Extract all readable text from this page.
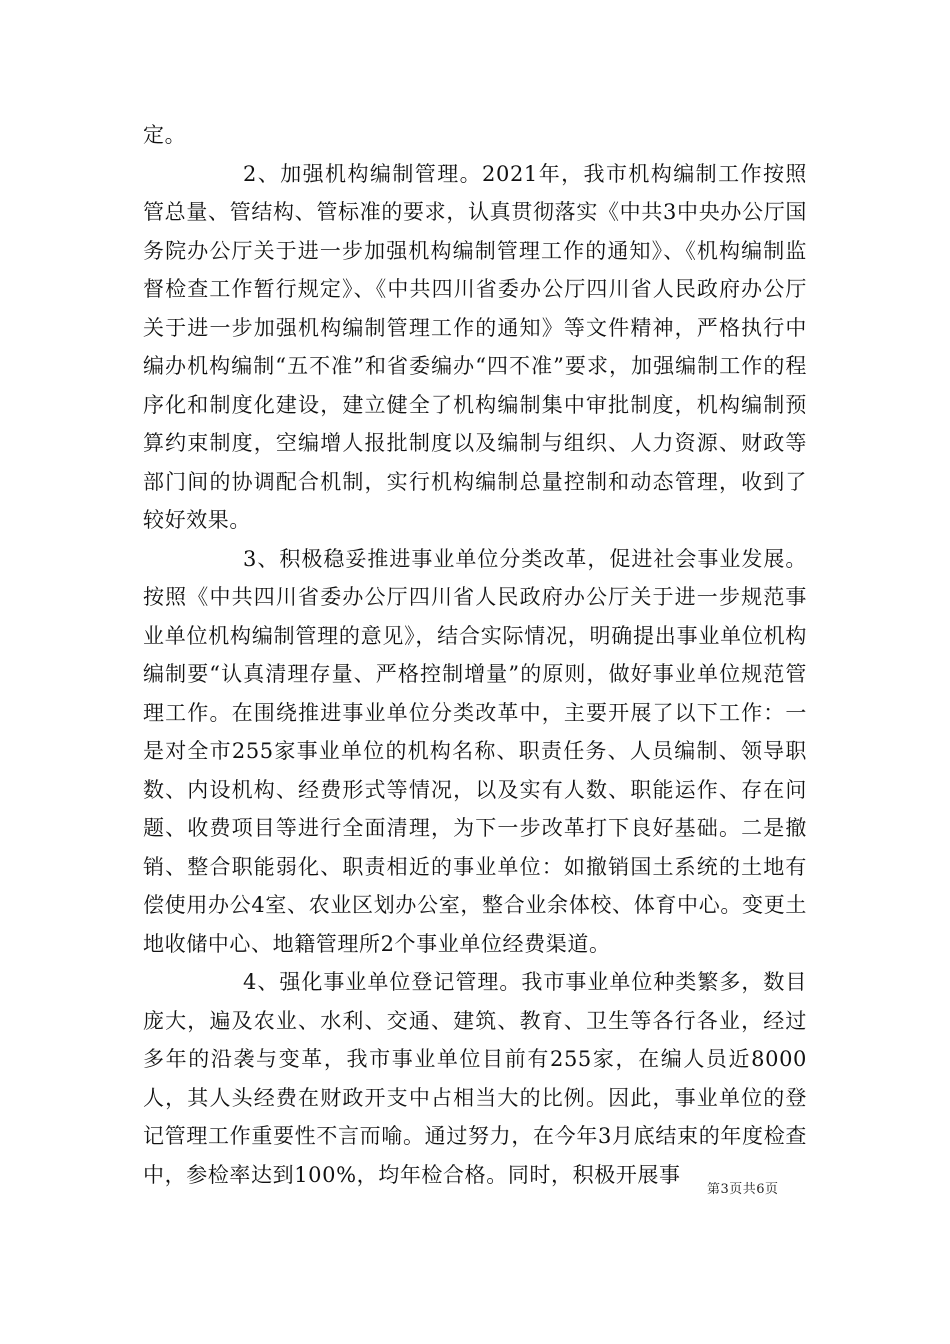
定。

2、加强机构编制管理。2021年，我市机构编制工作按照管总量、管结构、管标准的要求，认真贯彻落实《中共3中央办公厅国务院办公厅关于进一步加强机构编制管理工作的通知》、《机构编制监督检查工作暂行规定》、《中共四川省委办公厅四川省人民政府办公厅关于进一步加强机构编制管理工作的通知》等文件精神，严格执行中编办机构编制“五不准”和省委编办“四不准”要求，加强编制工作的程序化和制度化建设，建立健全了机构编制集中审批制度，机构编制预算约束制度，空编增人报批制度以及编制与组织、人力资源、财政等部门间的协调配合机制，实行机构编制总量控制和动态管理，收到了较好效果。

3、积极稳妥推进事业单位分类改革，促进社会事业发展。按照《中共四川省委办公厅四川省人民政府办公厅关于进一步规范事业单位机构编制管理的意见》，结合实际情况，明确提出事业单位机构编制要“认真清理存量、严格控制增量”的原则，做好事业单位规范管理工作。在围绕推进事业单位分类改革中，主要开展了以下工作：一是对全市255家事业单位的机构名称、职责任务、人员编制、领导职数、内设机构、经费形式等情况，以及实有人数、职能运作、存在问题、收费项目等进行全面清理，为下一步改革打下良好基础。二是撤销、整合职能弱化、职责相近的事业单位：如撤销国土系统的土地有偿使用办公4室、农业区划办公室，整合业余体校、体育中心。变更土地收储中心、地籍管理所2个事业单位经费渠道。

4、强化事业单位登记管理。我市事业单位种类繁多，数目庞大，遍及农业、水利、交通、建筑、教育、卫生等各行各业，经过多年的沿袭与变革，我市事业单位目前有255家，在编人员近8000人，其人头经费在财政开支中占相当大的比例。因此，事业单位的登记管理工作重要性不言而喻。通过努力，在今年3月底结束的年度检查中，参检率达到100%，均年检合格。同时，积极开展事

第3页共6页
